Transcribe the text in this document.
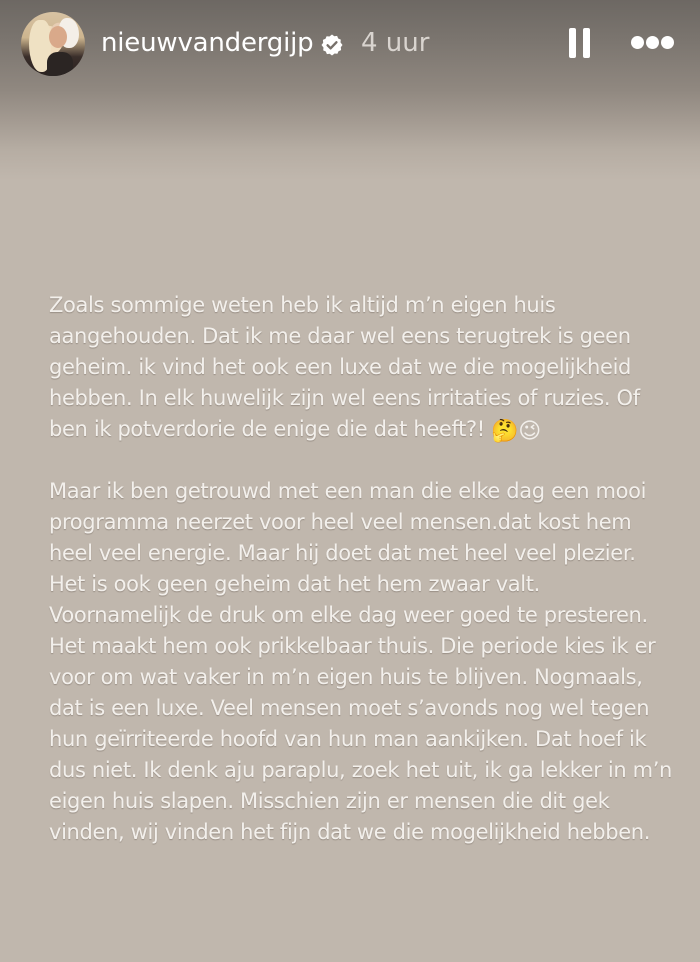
nieuwvandergijp 4 uur
Zoals sommige weten heb ik altijd m’n eigen huis
aangehouden. Dat ik me daar wel eens terugtrek is geen
geheim. ik vind het ook een luxe dat we die mogelijkheid
hebben. In elk huwelijk zijn wel eens irritaties of ruzies. Of
ben ik potverdorie de enige die dat heeft?! 🤔😉
Maar ik ben getrouwd met een man die elke dag een mooi
programma neerzet voor heel veel mensen.dat kost hem
heel veel energie. Maar hij doet dat met heel veel plezier.
Het is ook geen geheim dat het hem zwaar valt.
Voornamelijk de druk om elke dag weer goed te presteren.
Het maakt hem ook prikkelbaar thuis. Die periode kies ik er
voor om wat vaker in m’n eigen huis te blijven. Nogmaals,
dat is een luxe. Veel mensen moet s’avonds nog wel tegen
hun geïrriteerde hoofd van hun man aankijken. Dat hoef ik
dus niet. Ik denk aju paraplu, zoek het uit, ik ga lekker in m’n
eigen huis slapen. Misschien zijn er mensen die dit gek
vinden, wij vinden het fijn dat we die mogelijkheid hebben.
